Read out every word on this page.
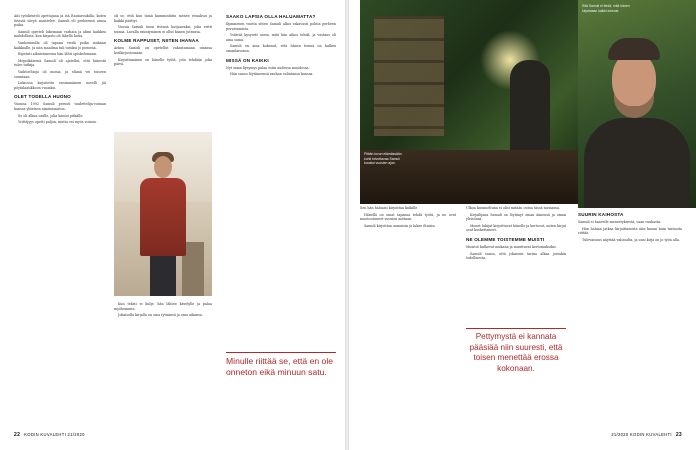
Äiti työskenteli opettajana ja isä Rautaruukilla, kuten tiivistä sävyä muistelee. Samuli oli perheensä ainoa poika.

Samuli opetteli lukemaan varhain ja ahmi kaikkea mahdollista, kun kirjasto oli lähellä kotia.

Vanhemmilla oli tapana viedä poika mukaan kaikkialle, ja niin maailma tuli tutuksi jo pienenä.

Ripeästi aikuistuneena hän lähti opiskelemaan.

Mopoikäisenä Samuli oli ajatellut, että hänestä tulee tutkija.

Vaihtoehtoja oli monia, ja elämä vei toiseen suuntaan.

Lukiossa kirjoitettu ensimmäinen novelli jäi pöytälaatikkoon vuosiksi.

OLET TODELLA HUONO

Vuonna 1992 Samuli perusti tuulettelija-voiman kanssa yhteisen nimitoimiston.

Se oli alkua uralle, joka kantoi pitkälle.

Yrittäjyys opetti paljon, mutta vei myös voimia.

oli se, että kun tämä kummintätin menee ritualisoi ja kaikki päättyi.

Vuosia Samuli tunsi itsensä hutjaavaksi, joka eritti toimia. Lavalla esiintyminen ei ollut hänen juttunsa.

KOLME RAPPUSET, NIITEN IHANAA

Arkea Samuli on opetellut rakastamaan omassa kotikirjastossaan.

Kirjoittaminen on hänelle työtä, jota tehdään joka päivä.

Kun teksti ei kulje, hän lähtee kävelylle ja palaa myöhemmin.

Jokaisella kirjalla on oma rytminsä ja oma aikansa.

SAAKO LAPSIA OLLA HALUAMATTA?

Kymmenen vuotta sitten Samuli alkoi vakavasti pohtia perheen perustamista.

Ystävät kysyivät usein, mitä hän aikoo tehdä, ja vastaus oli aina sama.

Samuli on aina kokenut, että hänen tiensä on kulkea omanlaisensa.

MISSÄ ON KAIKKI

Nyt sama kysymys palaa esiin uudessa muodossa.

Hän sanoo löytäneensä rauhan valintansa kanssa.

Minulle riittää se, että en ole onneton eikä minuun satu.
Pitkän luvun elämässään kohti toivottavaa Samuli koostui vuosien ajan.
Sitä Samuli ei tiedä, mitä hänen kirjoistaan kaikki lukevat.

Sen hän haluaisi kirjoittaa kaikille.

Hänellä on omat tapansa tehdä työtä, ja ne ovat muotoutuneet vuosien mittaan.

Samuli kirjoittaa aamuisin ja lukee iltaisin.

Ulkoa kuunneltuna ei olisi mitään outoa tässä tarinassa.

Kirjailijana Samuli on löytänyt oman äänensä ja oman yleisönsä.

Monet lukijat kirjoittavat hänelle ja kertovat, miten kirjat ovat koskettaneet.

NE OLEMME TOISTEMME MUISTI

Muistot kulkevat mukana ja muuttuvat kertomuksiksi.

Samuli sanoo, että jokainen tarina alkaa jostakin todellisesta.

Pettymystä ei kannata pääsiää niin suuresti, että toisen menettää erossa kokonaan.
SUURIN KAIHOSTA

Samuli ei haaveile menestyksestä, vaan rauhasta.

Hän haluaa jatkaa kirjoittamista niin kauan kuin tarinoita riittää.

Tulevaisuus näyttää valoisalta, ja uusi kirja on jo työn alla.

22 KODIN KUVALEHTI 21/2020	21/2020 KODIN KUVALEHTI 23
